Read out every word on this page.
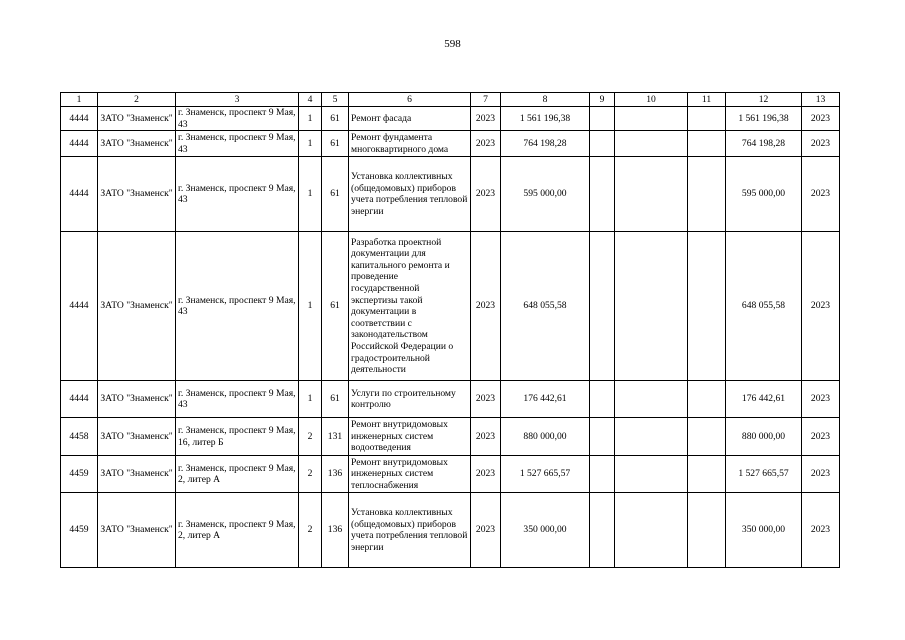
598
1	2	3	4	5	6	7	8	9	10	11	12	13
4444	ЗАТО "Знаменск"	г. Знаменск, проспект 9 Мая, 43	1	61	Ремонт фасада	2023	1 561 196,38				1 561 196,38	2023
4444	ЗАТО "Знаменск"	г. Знаменск, проспект 9 Мая, 43	1	61	Ремонт фундамента многоквартирного дома	2023	764 198,28				764 198,28	2023
4444	ЗАТО "Знаменск"	г. Знаменск, проспект 9 Мая, 43	1	61	Установка коллективных (общедомовых) приборов учета потребления тепловой энергии	2023	595 000,00				595 000,00	2023
4444	ЗАТО "Знаменск"	г. Знаменск, проспект 9 Мая, 43	1	61	Разработка проектной документации для капитального ремонта и проведение государственной экспертизы такой документации в соответствии с законодательством Российской Федерации о градостроительной деятельности	2023	648 055,58				648 055,58	2023
4444	ЗАТО "Знаменск"	г. Знаменск, проспект 9 Мая, 43	1	61	Услуги по строительному контролю	2023	176 442,61				176 442,61	2023
4458	ЗАТО "Знаменск"	г. Знаменск, проспект 9 Мая, 16, литер Б	2	131	Ремонт внутридомовых инженерных систем водоотведения	2023	880 000,00				880 000,00	2023
4459	ЗАТО "Знаменск"	г. Знаменск, проспект 9 Мая, 2, литер А	2	136	Ремонт внутридомовых инженерных систем теплоснабжения	2023	1 527 665,57				1 527 665,57	2023
4459	ЗАТО "Знаменск"	г. Знаменск, проспект 9 Мая, 2, литер А	2	136	Установка коллективных (общедомовых) приборов учета потребления тепловой энергии	2023	350 000,00				350 000,00	2023
